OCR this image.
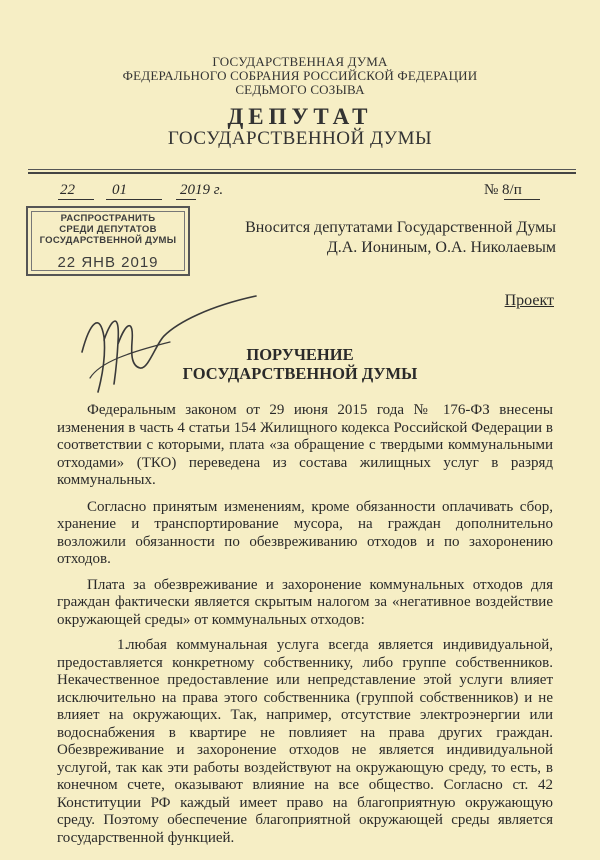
ГОСУДАРСТВЕННАЯ ДУМА
ФЕДЕРАЛЬНОГО СОБРАНИЯ РОССИЙСКОЙ ФЕДЕРАЦИИ
СЕДЬМОГО СОЗЫВА
ДЕПУТАТ
ГОСУДАРСТВЕННОЙ ДУМЫ
22 01	2019 г.	№ 8/п
РАСПРОСТРАНИТЬ
СРЕДИ ДЕПУТАТОВ
ГОСУДАРСТВЕННОЙ ДУМЫ
22 ЯНВ 2019
Вносится депутатами Государственной Думы
Д.А. Иониным, О.А. Николаевым
Проект
ПОРУЧЕНИЕ
ГОСУДАРСТВЕННОЙ ДУМЫ

Федеральным законом от 29 июня 2015 года № 176-ФЗ внесены изменения в часть 4 статьи 154 Жилищного кодекса Российской Федерации в соответствии с которыми, плата «за обращение с твердыми коммунальными отходами» (ТКО) переведена из состава жилищных услуг в разряд коммунальных.

Согласно принятым изменениям, кроме обязанности оплачивать сбор, хранение и транспортирование мусора, на граждан дополнительно возложили обязанности по обезвреживанию отходов и по захоронению отходов.

Плата за обезвреживание и захоронение коммунальных отходов для граждан фактически является скрытым налогом за «негативное воздействие окружающей среды» от коммунальных отходов:

1.любая коммунальная услуга всегда является индивидуальной, предоставляется конкретному собственнику, либо группе собственников. Некачественное предоставление или непредставление этой услуги влияет исключительно на права этого собственника (группой собственников) и не влияет на окружающих. Так, например, отсутствие электроэнергии или водоснабжения в квартире не повлияет на права других граждан. Обезвреживание и захоронение отходов не является индивидуальной услугой, так как эти работы воздействуют на окружающую среду, то есть, в конечном счете, оказывают влияние на все общество. Согласно ст. 42 Конституции РФ каждый имеет право на благоприятную окружающую среду. Поэтому обеспечение благоприятной окружающей среды является государственной функцией.
